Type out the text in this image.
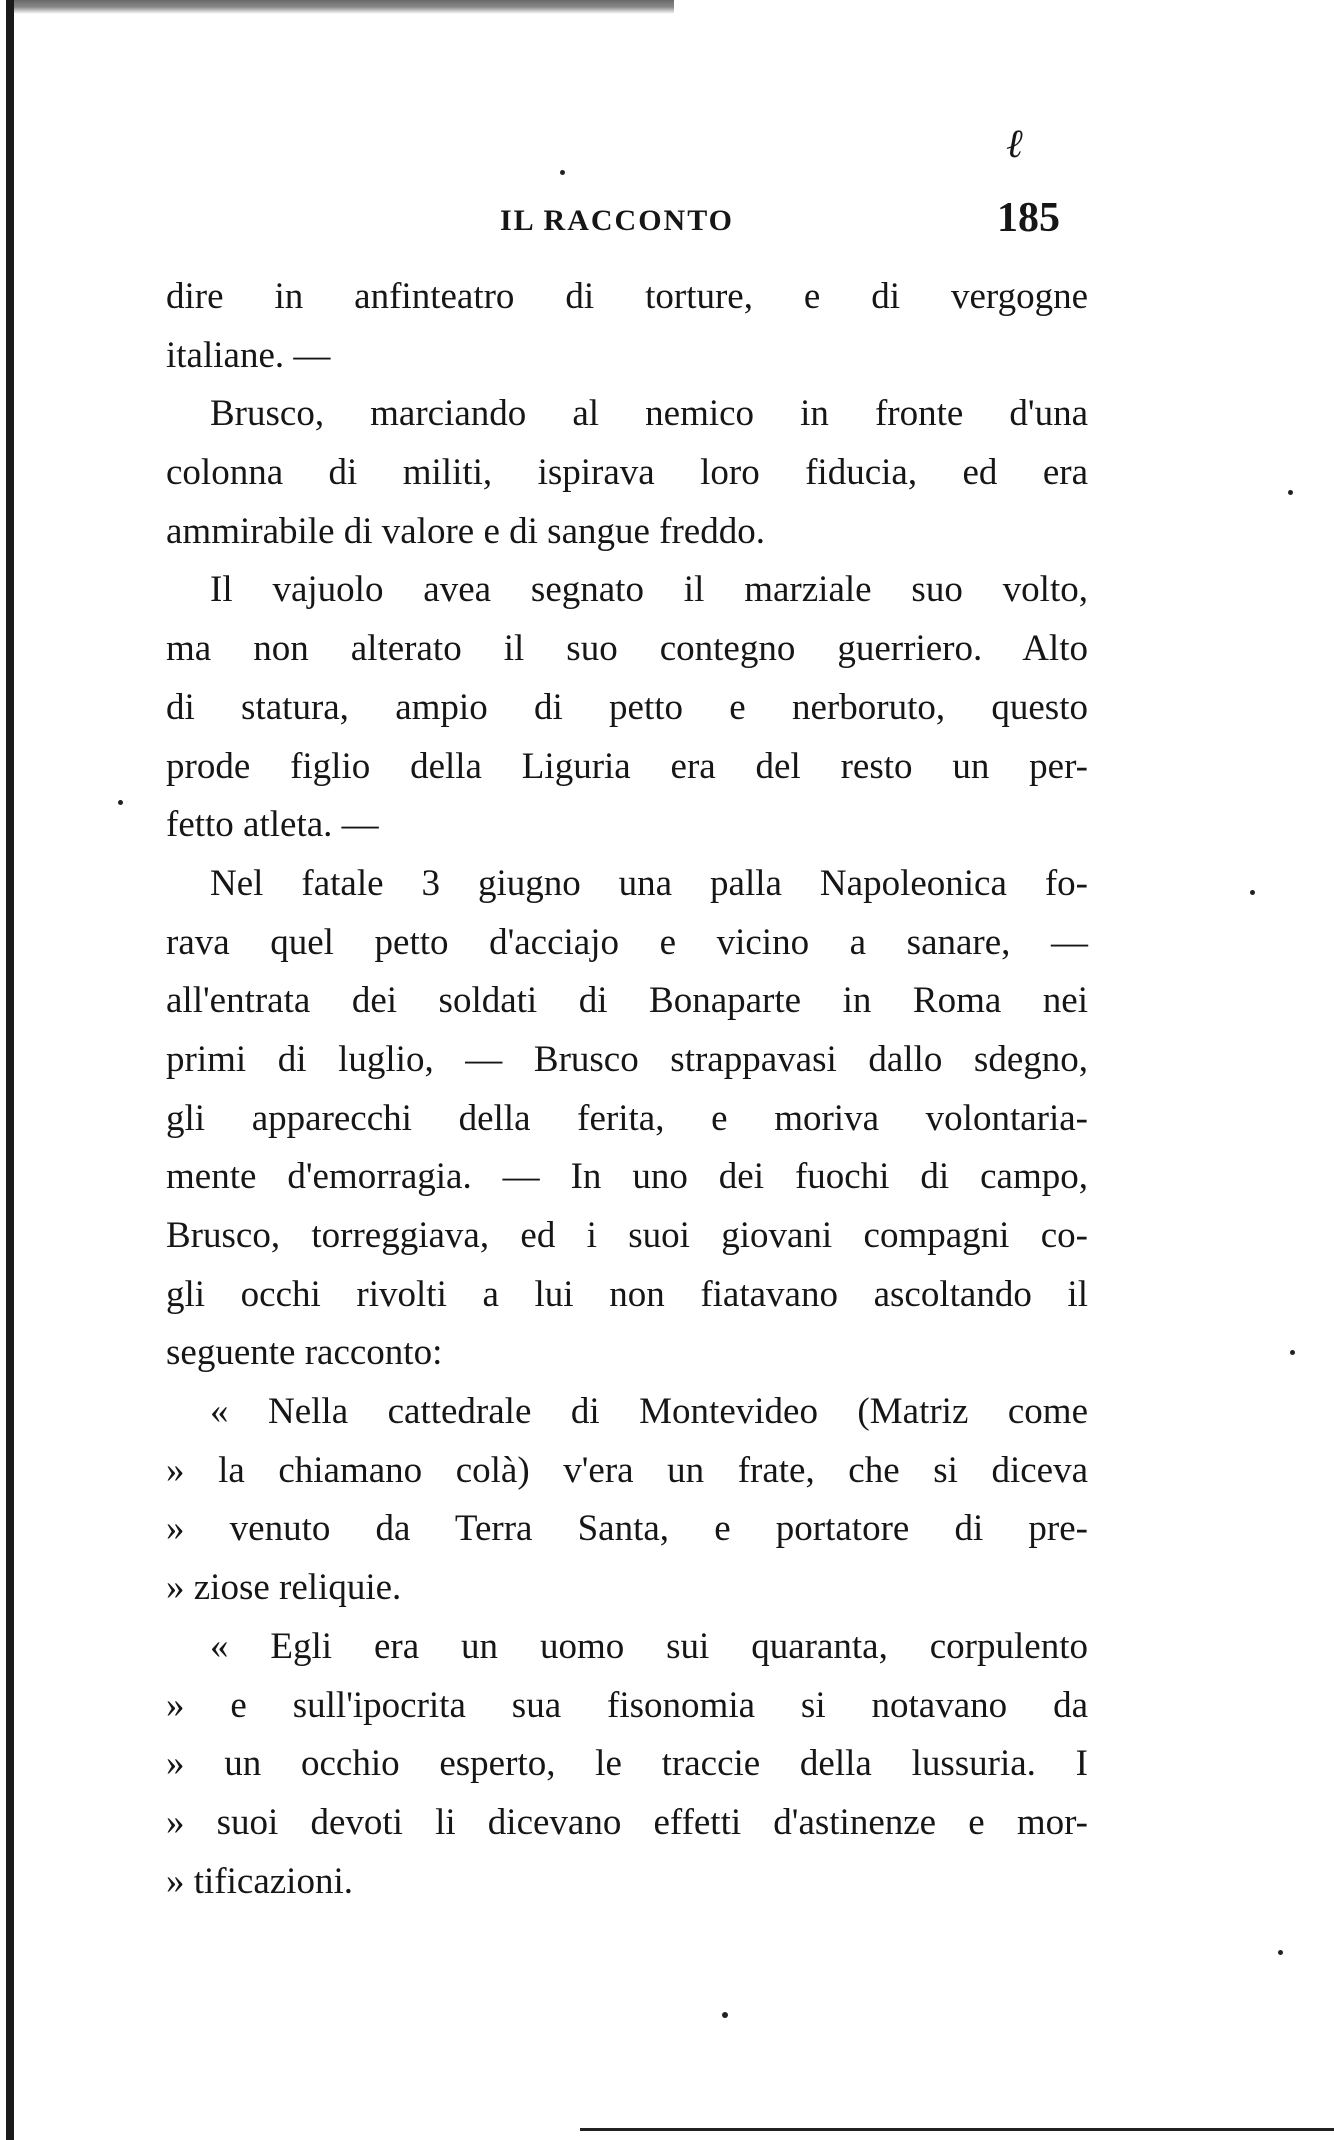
ℓ
IL RACCONTO	185
dire in anfinteatro di torture, e di vergogne
italiane. —
Brusco, marciando al nemico in fronte d'una
colonna di militi, ispirava loro fiducia, ed era
ammirabile di valore e di sangue freddo.
Il vajuolo avea segnato il marziale suo volto,
ma non alterato il suo contegno guerriero. Alto
di statura, ampio di petto e nerboruto, questo
prode figlio della Liguria era del resto un per-
fetto atleta. —
Nel fatale 3 giugno una palla Napoleonica fo-
rava quel petto d'acciajo e vicino a sanare, —
all'entrata dei soldati di Bonaparte in Roma nei
primi di luglio, — Brusco strappavasi dallo sdegno,
gli apparecchi della ferita, e moriva volontaria-
mente d'emorragia. — In uno dei fuochi di campo,
Brusco, torreggiava, ed i suoi giovani compagni co-
gli occhi rivolti a lui non fiatavano ascoltando il
seguente racconto:
« Nella cattedrale di Montevideo (Matriz come
» la chiamano colà) v'era un frate, che si diceva
» venuto da Terra Santa, e portatore di pre-
» ziose reliquie.
« Egli era un uomo sui quaranta, corpulento
» e sull'ipocrita sua fisonomia si notavano da
» un occhio esperto, le traccie della lussuria. I
» suoi devoti li dicevano effetti d'astinenze e mor-
» tificazioni.
